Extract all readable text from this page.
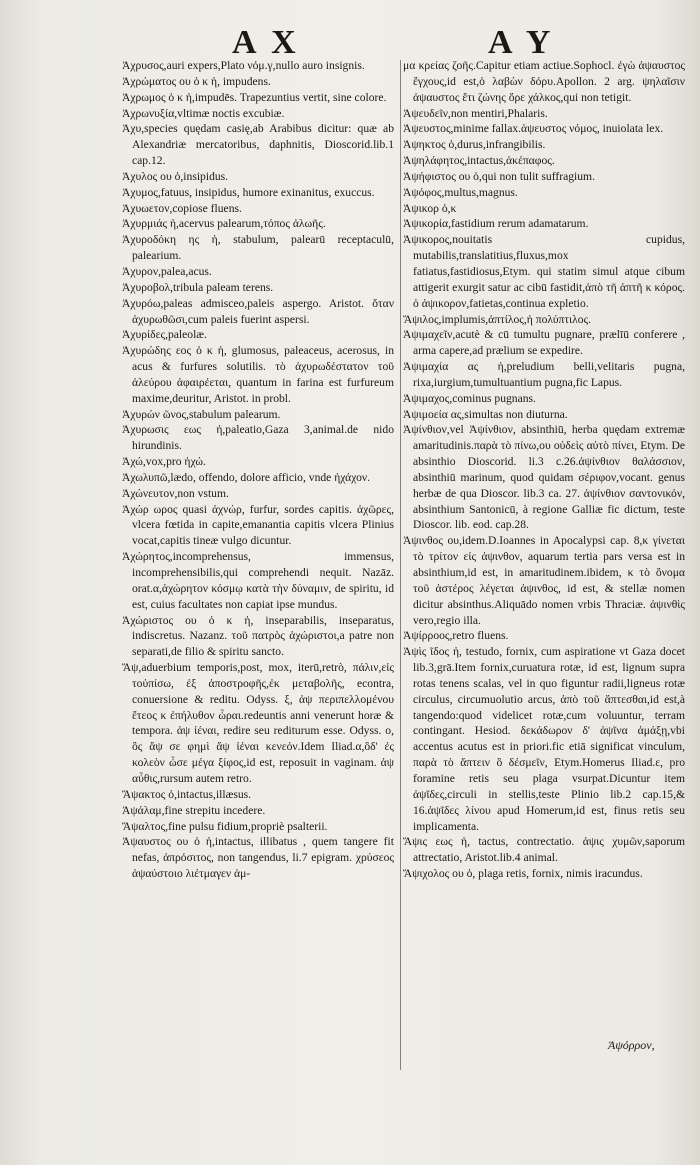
A X	A Y

Ἀχρυσος,auri expers,Plato νόμ.γ,nullo auro insignis.

Ἀχρώματος ου ὁ κ ἡ, impudens.

Ἀχρωμος ὁ κ ἡ,impudēs. Trapezuntius vertit, sine colore.

Ἀχρωνυξία,vltimæ noctis excubiæ.

Ἀχυ,species quędam casię,ab Arabibus dicitur: quæ ab Alexandriæ mercatoribus, daphnitis, Dioscorid.lib.1 cap.12.

Ἀχυλος ου ὁ,insipidus.

Ἀχυμος,fatuus, insipidus, humore exinanitus, exuccus.

Ἀχυωετον,copiose fluens.

Ἀχυρμιάς ἡ,acervus palearum,τόπος ἀλωῆς.

Ἀχυροδόκη ης ἡ, stabulum, palearū receptaculū, palearium.

Ἀχυρον,palea,acus.

Ἀχυροβολ,tribula paleam terens.

Ἀχυρόω,paleas admisceo,paleis aspergo. Aristot. ὅταν ἀχυρωθῶσι,cum paleis fuerint aspersi.

Ἀχυρίδες,paleolæ.

Ἀχυρώδης εος ὁ κ ἡ, glumosus, paleaceus, acerosus, in acus & furfures solutilis. τὸ ἀχυρωδέστατον τοῦ ἀλεύρου ἀφαιρέεται, quantum in farina est furfureum maxime,deuritur, Aristot. in probl.

Ἀχυρών ῶνος,stabulum palearum.

Ἀχυρωσις εως ἡ,paleatio,Gaza 3,animal.de nido hirundinis.

Ἀχώ,vox,pro ἠχώ.

Ἀχωλυπῶ,lædo, offendo, dolore afficio, vnde ἠχάχον.

Ἀχώνευτον,non vstum.

Ἀχώρ ωρος quasi ἀχνώρ, furfur, sordes capitis. ἀχῶρες, vlcera fœtida in capite,emanantia capitis vlcera Plinius vocat,capitis tineæ vulgo dicuntur.

Ἀχώρητος,incomprehensus, immensus, incomprehensibilis,qui comprehendi nequit. Nazāz. orat.α,ἀχώρητον κόσμῳ κατὰ τὴν δύναμιν, de spiritu, id est, cuius facultates non capiat ipse mundus.

Ἀχώριστος ου ὁ κ ἡ, inseparabilis, inseparatus, indiscretus. Nazanz. τοῦ πατρὸς ἀχώριστοι,a patre non separati,de filio & spiritu sancto.

Ἄψ,aduerbium temporis,post, mox, iterū,retrò, πάλιν,εἰς τοὐπίσω, ἐξ ἀποστροφῆς,ἐκ μεταβολῆς, econtra, conuersione & reditu. Odyss. ξ, ἀψ περιπελλομένου ἔτεος κ ἐπήλυθον ὧραι.redeuntis anni venerunt horæ & tempora. ἀψ ἰέναι, redire seu rediturum esse. Odyss. ο, ὃς ἄψ σε φημὶ ἄψ ἰέναι κενεόν.Idem Iliad.α,ὃδ' ἐς κολεὸν ὦσε μέγα ξίφος,id est, reposuit in vaginam. ἀψ αὖθις,rursum autem retro.

Ἄψακτος ὁ,intactus,illæsus.

Ἀψάλαμ,fine strepitu incedere.

Ἄψαλτος,fine pulsu fidium,propriè psalterii.

Ἀψαυστος ου ὁ ἡ,intactus, illibatus , quem tangere fit nefas, ἀπρόσιτος, non tangendus, li.7 epigram. χρύσεος ἀψαύστοιο λιέτμαγεν ἀμ-

μα κρείας ζοῆς.Capitur etiam actiue.Sophocl. ἐγὼ ἀψαυστος ἔγχους,id est,ὁ λαβὼν δόρυ.Apollon. 2 arg. ψηλαῖσιν ἀψαυστος ἔτι ζώνης ὅρε χάλκος,qui non tetigit.

Ἀψευδεῖν,non mentiri,Phalaris.

Ἀψευστος,minime fallax.ἀψευστος νόμος, inuiolata lex.

Ἀψηκτος ὁ,durus,infrangibilis.

Ἀψηλάφητος,intactus,ἀκέπαφος.

Ἀψήφιστος ου ὁ,qui non tulit suffragium.

Ἀψόφος,multus,magnus.

Ἀψικορ ὁ,κ

Ἀψικορία,fastidium rerum adamatarum.

Ἀψικορος,nouitatis cupidus, mutabilis,translatitius,fluxus,mox fatiatus,fastidiosus,Etym. qui statim simul atque cibum attigerit exurgit satur ac cibū fastidit,ἀπὸ τῆ ἀπτῆ κ κόρος. ὁ ἀψικορον,fatietas,continua expletio.

Ἄψιλος,implumis,ἀπτίλος,ἡ πολύπτιλος.

Ἀψιμαχεῖν,acutè & cū tumultu pugnare, prælīū conferere , arma capere,ad prælium se expedire.

Ἀψιμαχία ας ἡ,preludium belli,velitaris pugna, rixa,iurgium,tumultuantium pugna,fic Lapus.

Ἀψιμαχος,cominus pugnans.

Ἀψιμοεία ας,simultas non diuturna.

Ἀψίνθιον,vel Ἀψίνθιον, absinthiū, herba quędam extremæ amaritudinis.παρὰ τὸ πίνω,ου οὐδεὶς αὐτὸ πίνει, Etym. De absinthio Dioscorid. li.3 c.26.ἀψίνθιον θαλάσσιον, absinthiū marinum, quod quidam σέριφον,vocant. genus herbæ de qua Dioscor. lib.3 ca. 27. ἀψίνθιον σαντονικόν, absinthium Santonicū, à regione Galliæ fic dictum, teste Dioscor. lib. eod. cap.28.

Ἀψινθος ου,idem.D.Ioannes in Apocalypsi cap. 8,κ γίνεται τὸ τρίτον εἰς ἀψινθον, aquarum tertia pars versa est in absinthium,id est, in amaritudinem.ibidem, κ τὸ ὄνομα τοῦ ἀστέρος λέγεται ἀψινθος, id est, & stellæ nomen dicitur absinthus.Aliquādo nomen vrbis Thraciæ. ἀψινθὶς vero,regio illa.

Ἀψίρροος,retro fluens.

Ἀψὶς ῖδος ἡ, testudo, fornix, cum aspiratione vt Gaza docet lib.3,grā.Item fornix,curuatura rotæ, id est, lignum supra rotas tenens scalas, vel in quo figuntur radii,ligneus rotæ circulus, circumuolutio arcus, ἀπὸ τοῦ ἅπτεσθαι,id est,à tangendo:quod videlicet rotæ,cum voluuntur, terram contingant. Hesiod. δεκάδωρον δ' ἀψῖνα ἀμάξῃ,vbi accentus acutus est in priori.fic etiā significat vinculum, παρὰ τὸ ἅπτειν ὃ δέσμεῖν, Etym.Homerus Iliad.ε, pro foramine retis seu plaga vsurpat.Dicuntur item ἀψῖδες,circuli in stellis,teste Plinio lib.2 cap.15,& 16.ἀψῖδες λίνου apud Homerum,id est, finus retis seu implicamenta.

Ἄψις εως ἡ, tactus, contrectatio. ἀψις χυμῶν,saporum attrectatio, Aristot.lib.4 animal.

Ἄψιχολος ου ὁ, plaga retis, fornix, nimis iracundus.

Ἀψόρρον,
